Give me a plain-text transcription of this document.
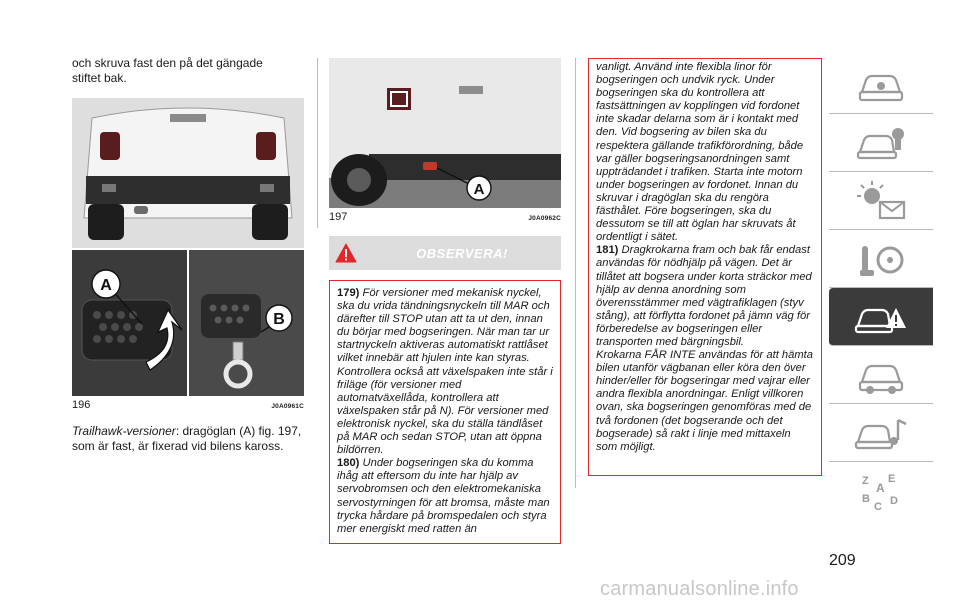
och skruva fast den på det gängade stiftet bak.

A
B
196	J0A0961C

Trailhawk-versioner: dragöglan (A) fig. 197, som är fast, är fixerad vid bilens kaross.

A
197	J0A0962C
OBSERVERA!

179) För versioner med mekanisk nyckel, ska du vrida tändningsnyckeln till MAR och därefter till STOP utan att ta ut den, innan du börjar med bogseringen. När man tar ur startnyckeln aktiveras automatiskt rattlåset vilket innebär att hjulen inte kan styras. Kontrollera också att växelspaken inte står i friläge (för versioner med automatväxellåda, kontrollera att växelspaken står på N). För versioner med elektronisk nyckel, ska du ställa tändlåset på MAR och sedan STOP, utan att öppna bildörren.

180) Under bogseringen ska du komma ihåg att eftersom du inte har hjälp av servobromsen och den elektromekaniska servostyrningen för att bromsa, måste man trycka hårdare på bromspedalen och styra mer energiskt med ratten än

vanligt. Använd inte flexibla linor för bogseringen och undvik ryck. Under bogseringen ska du kontrollera att fastsättningen av kopplingen vid fordonet inte skadar delarna som är i kontakt med den. Vid bogsering av bilen ska du respektera gällande trafikförordning, både var gäller bogseringsanordningen samt uppträdandet i trafiken. Starta inte motorn under bogseringen av fordonet. Innan du skruvar i dragöglan ska du rengöra fästhålet. Före bogseringen, ska du dessutom se till att öglan har skruvats åt ordentligt i sätet.

181) Dragkrokarna fram och bak får endast användas för nödhjälp på vägen. Det är tillåtet att bogsera under korta sträckor med hjälp av denna anordning som överensstämmer med vägtrafiklagen (styv stång), att förflytta fordonet på jämn väg för förberedelse av bogseringen eller transporten med bärgningsbil.

Krokarna FÅR INTE användas för att hämta bilen utanför vägbanan eller köra den över hinder/eller för bogseringar med vajrar eller andra flexibla anordningar. Enligt villkoren ovan, ska bogseringen genomföras med de två fordonen (det bogserande och det bogserade) så rakt i linje med mittaxeln som möjligt.

Z E
A
B
C D
209
carmanualsonline.info
